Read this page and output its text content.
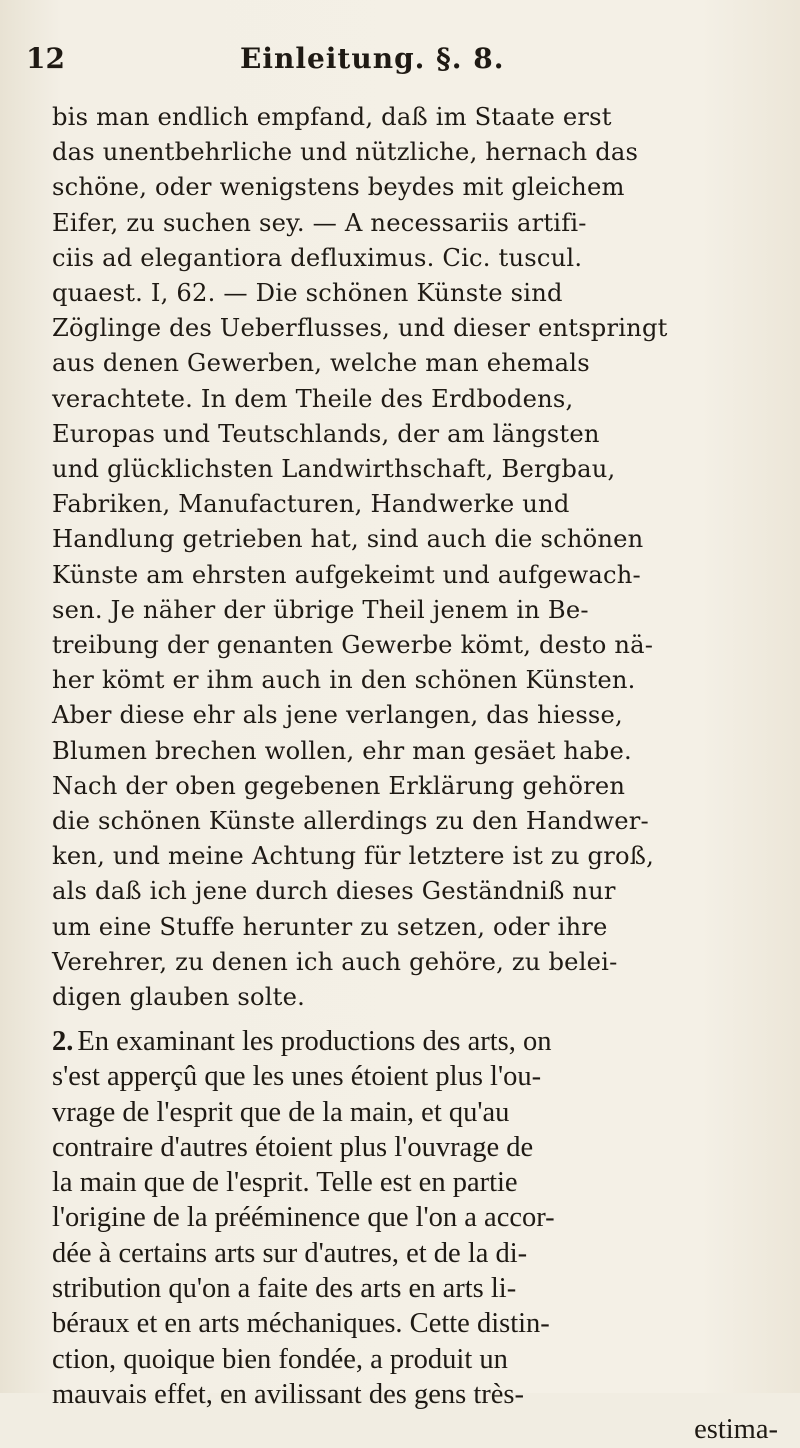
12	Einleitung. §. 8.
bis man endlich empfand, daß im Staate erst
das unentbehrliche und nützliche, hernach das
schöne, oder wenigstens beydes mit gleichem
Eifer, zu suchen sey. — A necessariis artifi-
ciis ad elegantiora defluximus. Cic. tuscul.
quaest. I, 62. — Die schönen Künste sind
Zöglinge des Ueberflusses, und dieser entspringt
aus denen Gewerben, welche man ehemals
verachtete. In dem Theile des Erdbodens,
Europas und Teutschlands, der am längsten
und glücklichsten Landwirthschaft, Bergbau,
Fabriken, Manufacturen, Handwerke und
Handlung getrieben hat, sind auch die schönen
Künste am ehrsten aufgekeimt und aufgewach-
sen. Je näher der übrige Theil jenem in Be-
treibung der genanten Gewerbe kömt, desto nä-
her kömt er ihm auch in den schönen Künsten.
Aber diese ehr als jene verlangen, das hiesse,
Blumen brechen wollen, ehr man gesäet habe.
Nach der oben gegebenen Erklärung gehören
die schönen Künste allerdings zu den Handwer-
ken, und meine Achtung für letztere ist zu groß,
als daß ich jene durch dieses Geständniß nur
um eine Stuffe herunter zu setzen, oder ihre
Verehrer, zu denen ich auch gehöre, zu belei-
digen glauben solte.
2. En examinant les productions des arts, on
s'est apperçû que les unes étoient plus l'ou-
vrage de l'esprit que de la main, et qu'au
contraire d'autres étoient plus l'ouvrage de
la main que de l'esprit. Telle est en partie
l'origine de la prééminence que l'on a accor-
dée à certains arts sur d'autres, et de la di-
stribution qu'on a faite des arts en arts li-
béraux et en arts méchaniques. Cette distin-
ction, quoique bien fondée, a produit un
mauvais effet, en avilissant des gens très-
estima-
